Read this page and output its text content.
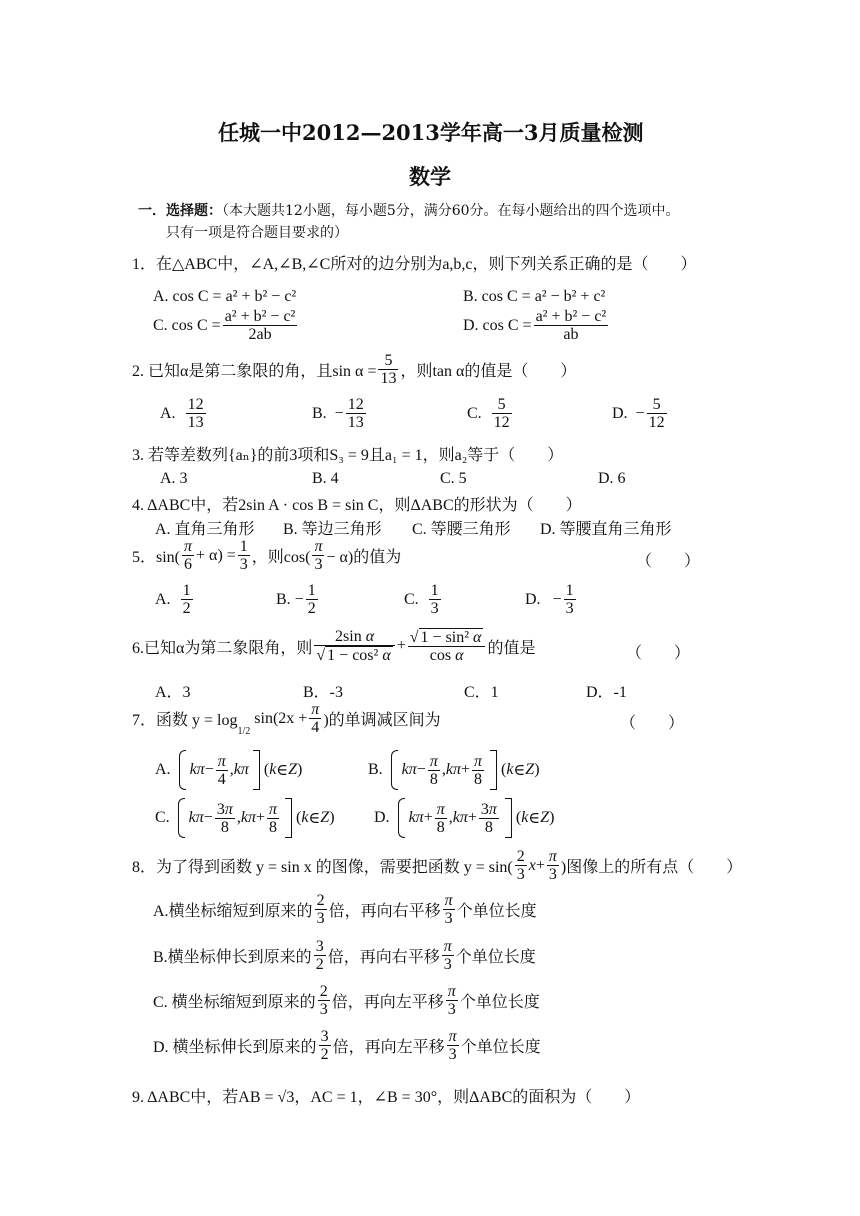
任城一中2012—2013学年高一3月质量检测
数学
一．选择题：（本大题共12小题，每小题5分，满分60分。在每小题给出的四个选项中。
只有一项是符合题目要求的）
1．在△ABC中，∠A,∠B,∠C所对的边分别为a,b,c，则下列关系正确的是（　　）
A. cos C = a² + b² − c²	B. cos C = a² − b² + c²
C. $\cos C = \frac{\text{a² + b² − c²}}{2ab}$	D. $\cos C = \frac{\text{a² + b² − c²}}{ab}$
2. 已知α是第二象限的角，且$\sin \alpha = \frac{5}{13}$ ，则tan α的值是（　　）
A. $\frac{12}{13}$	B.  − $\frac{12}{13}$	C. $\frac{5}{12}$	D.  − $\frac{5}{12}$
3. 若等差数列{aₙ}的前3项和S₃ = 9且a₁ = 1，则a₂等于（　　）
A. 3	B. 4	C. 5	D. 6
4. ΔABC中，若2sin A · cos B = sin C，则ΔABC的形状为（　　）
A. 直角三角形 B. 等边三角形 C. 等腰三角形 D. 等腰直角三角形
5．$\sin( \frac{\pi}{6} + \alpha) = \frac{1}{3}$ ，则$\cos( \frac{\pi}{3} - \alpha)$的值为	（　　）
A. $\frac{1}{2}$	B. − $\frac{1}{2}$	C. $\frac{1}{3}$	D.   − $\frac{1}{3}$
6.已知α为第二象限角，则 $\frac{\text{2sin α}}{\text{√ 1 − cos² α}} + \frac{\text{√ 1 − sin² α}}{\text{cos α}}$ 的值是	（　　）
A．3	B．-3	C．1	D．-1
7．函数 y = log
1/2

$\sin(2x + \frac{\pi}{4}$ )的单调减区间为	（　　）
A.
$k\pi - \frac{\pi}{4}$ , kπ
( k ∈ Z )	B.
$k\pi - \frac{\pi}{8}$ , $k\pi + \frac{\pi}{8}$
( k ∈ Z )
C.
$k\pi - \frac{3\pi}{8}$ , $k\pi + \frac{\pi}{8}$
( k ∈ Z ) D.
$k\pi + \frac{\pi}{8}$ , $k\pi + \frac{3\pi}{8}$
( k ∈ Z )
8．为了得到函数 y = sin x 的图像，需要把函数 $y = \sin( \frac{2}{3}$ $x + \frac{\pi}{3}$ )图像上的所有点（　　）
A.横坐标缩短到原来的 $\frac{2}{3}$ 倍，再向右平移 $\frac{\pi}{3}$ 个单位长度
B.横坐标伸长到原来的 $\frac{3}{2}$ 倍，再向右平移 $\frac{\pi}{3}$ 个单位长度
C. 横坐标缩短到原来的 $\frac{2}{3}$ 倍，再向左平移 $\frac{\pi}{3}$ 个单位长度
D. 横坐标伸长到原来的 $\frac{3}{2}$ 倍，再向左平移 $\frac{\pi}{3}$ 个单位长度
9. ΔABC中，若AB = √3，AC = 1，∠B = 30°，则ΔABC的面积为（　　）
